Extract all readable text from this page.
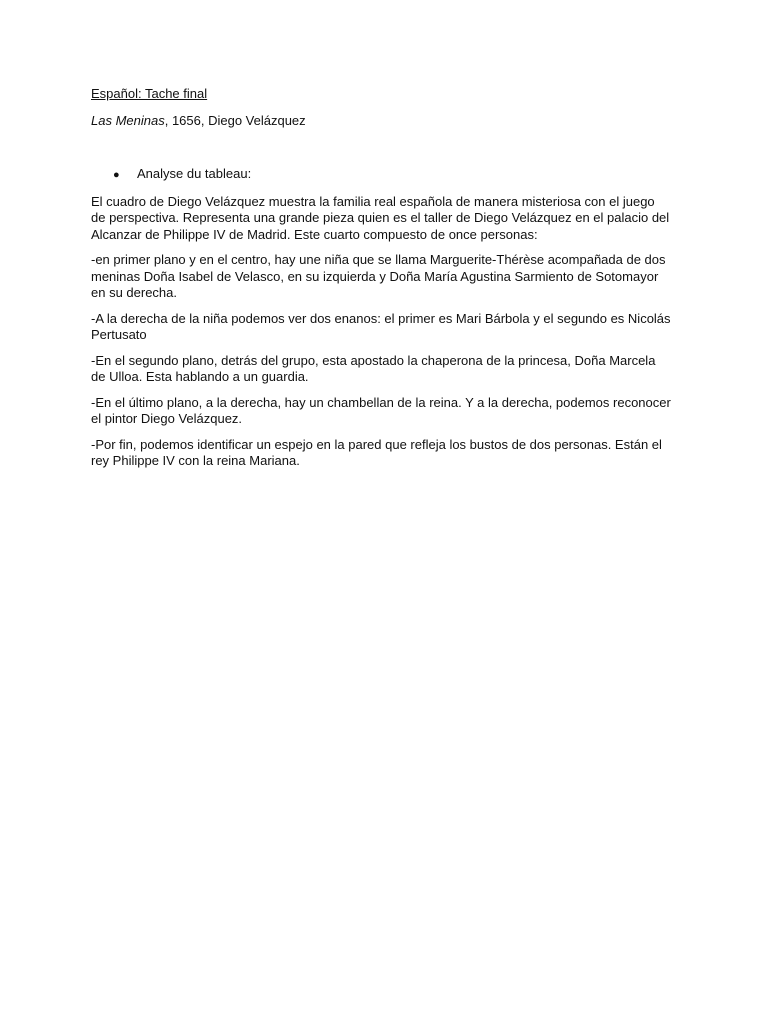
Español: Tache final
Las Meninas, 1656, Diego Velázquez
●	Analyse du tableau:

El cuadro de Diego Velázquez muestra la familia real española de manera misteriosa con el juego de perspectiva. Representa una grande pieza quien es el taller de Diego Velázquez en el palacio del Alcanzar de Philippe IV de Madrid. Este cuarto compuesto de once personas:

-en primer plano y en el centro, hay une niña que se llama Marguerite-Thérèse acompañada de dos meninas Doña Isabel de Velasco, en su izquierda y Doña María Agustina Sarmiento de Sotomayor en su derecha.

-A la derecha de la niña podemos ver dos enanos: el primer es Mari Bárbola y el segundo es Nicolás Pertusato

-En el segundo plano, detrás del grupo, esta apostado la chaperona de la princesa, Doña Marcela de Ulloa. Esta hablando a un guardia.

-En el último plano, a la derecha, hay un chambellan de la reina. Y a la derecha, podemos reconocer el pintor Diego Velázquez.

-Por fin, podemos identificar un espejo en la pared que refleja los bustos de dos personas. Están el rey Philippe IV con la reina Mariana.
